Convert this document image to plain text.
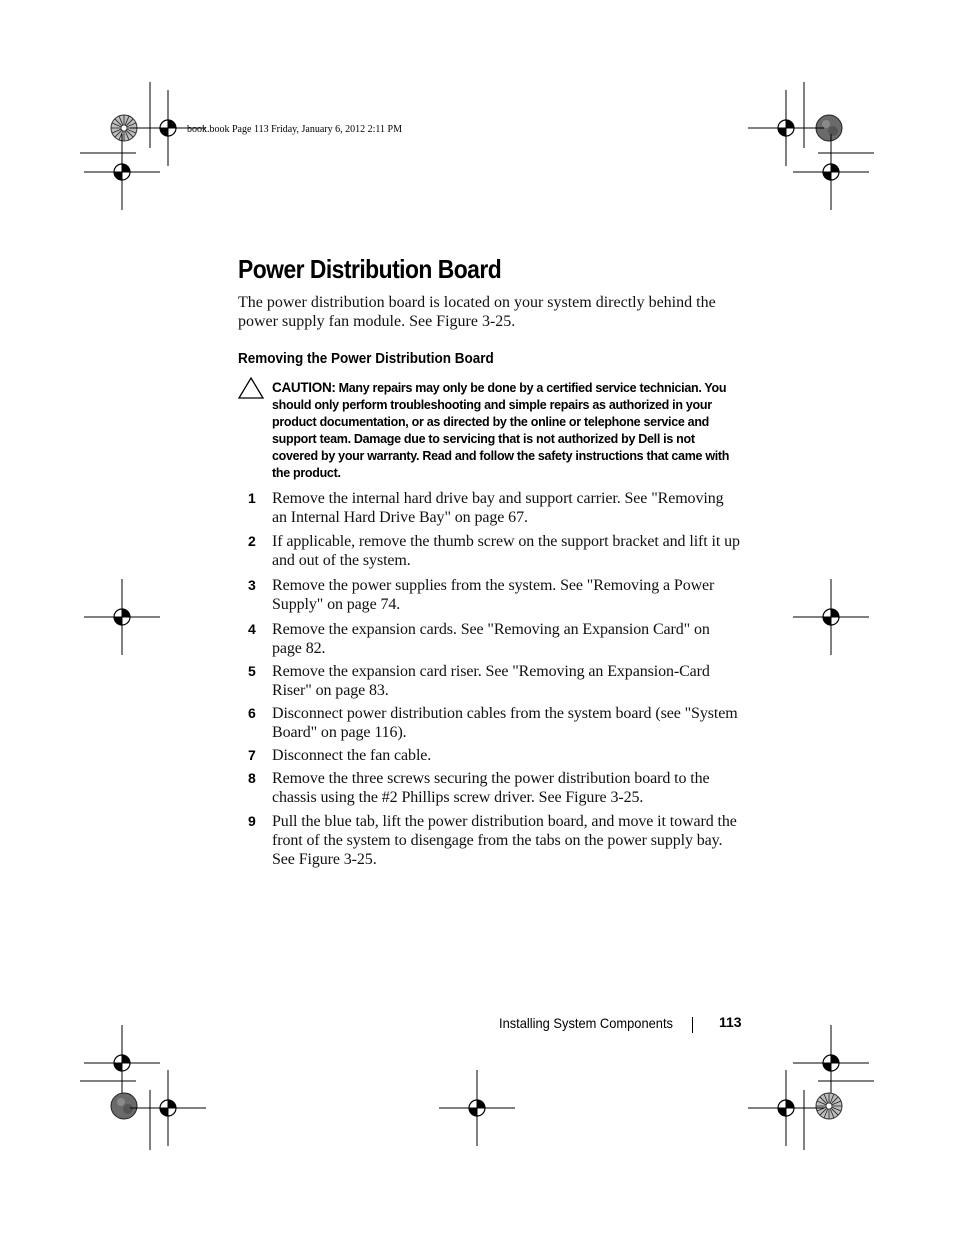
book.book Page 113 Friday, January 6, 2012 2:11 PM
Power Distribution Board

The power distribution board is located on your system directly behind the power supply fan module. See Figure 3-25.

Removing the Power Distribution Board

CAUTION: Many repairs may only be done by a certified service technician. You should only perform troubleshooting and simple repairs as authorized in your product documentation, or as directed by the online or telephone service and support team. Damage due to servicing that is not authorized by Dell is not covered by your warranty. Read and follow the safety instructions that came with the product.

1 Remove the internal hard drive bay and support carrier. See "Removing an Internal Hard Drive Bay" on page 67.
2 If applicable, remove the thumb screw on the support bracket and lift it up and out of the system.
3 Remove the power supplies from the system. See "Removing a Power Supply" on page 74.
4 Remove the expansion cards. See "Removing an Expansion Card" on page 82.
5 Remove the expansion card riser. See "Removing an Expansion-Card Riser" on page 83.
6 Disconnect power distribution cables from the system board (see "System Board" on page 116).
7 Disconnect the fan cable.
8 Remove the three screws securing the power distribution board to the chassis using the #2 Phillips screw driver. See Figure 3-25.
9 Pull the blue tab, lift the power distribution board, and move it toward the front of the system to disengage from the tabs on the power supply bay. See Figure 3-25.
Installing System Components	113
